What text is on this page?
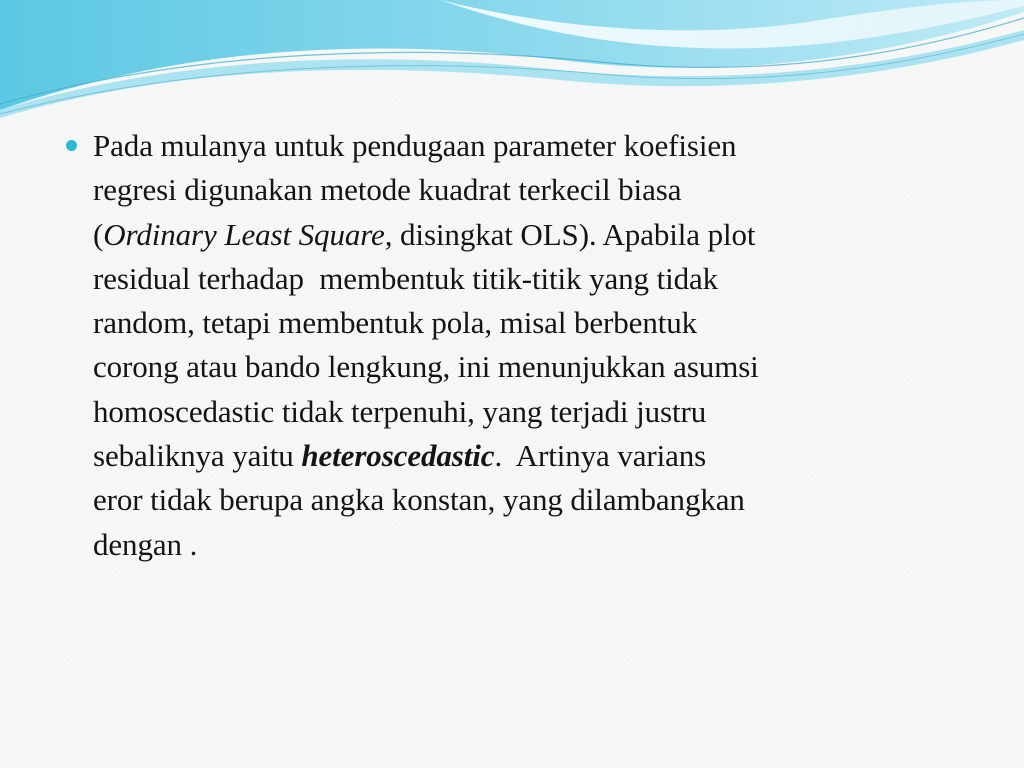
Pada mulanya untuk pendugaan parameter koefisien
regresi digunakan metode kuadrat terkecil biasa
(Ordinary Least Square, disingkat OLS). Apabila plot
residual terhadap  membentuk titik-titik yang tidak
random, tetapi membentuk pola, misal berbentuk
corong atau bando lengkung, ini menunjukkan asumsi
homoscedastic tidak terpenuhi, yang terjadi justru
sebaliknya yaitu heteroscedastic.  Artinya varians
eror tidak berupa angka konstan, yang dilambangkan
dengan .
